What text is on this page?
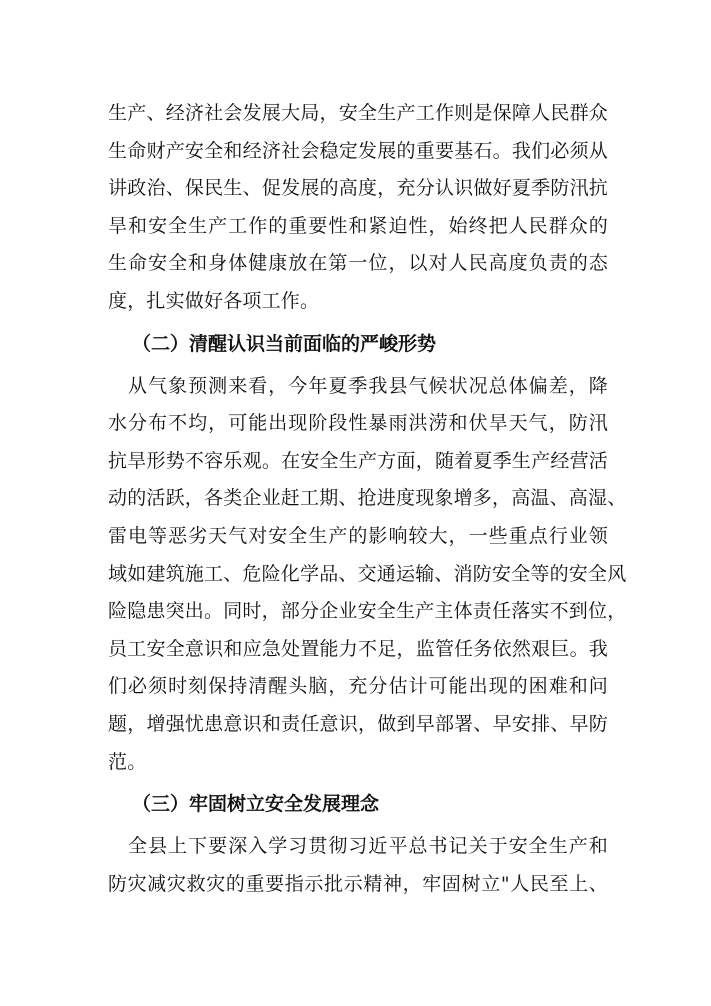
生产、经济社会发展大局，安全生产工作则是保障人民群众
生命财产安全和经济社会稳定发展的重要基石。我们必须从
讲政治、保民生、促发展的高度，充分认识做好夏季防汛抗
旱和安全生产工作的重要性和紧迫性，始终把人民群众的
生命安全和身体健康放在第一位，以对人民高度负责的态
度，扎实做好各项工作。
（二）清醒认识当前面临的严峻形势
　从气象预测来看，今年夏季我县气候状况总体偏差，降
水分布不均，可能出现阶段性暴雨洪涝和伏旱天气，防汛
抗旱形势不容乐观。在安全生产方面，随着夏季生产经营活
动的活跃，各类企业赶工期、抢进度现象增多，高温、高湿、
雷电等恶劣天气对安全生产的影响较大，一些重点行业领
域如建筑施工、危险化学品、交通运输、消防安全等的安全风
险隐患突出。同时，部分企业安全生产主体责任落实不到位，
员工安全意识和应急处置能力不足，监管任务依然艰巨。我
们必须时刻保持清醒头脑，充分估计可能出现的困难和问
题，增强忧患意识和责任意识，做到早部署、早安排、早防
范。
（三）牢固树立安全发展理念
　全县上下要深入学习贯彻习近平总书记关于安全生产和
防灾减灾救灾的重要指示批示精神，牢固树立"人民至上、
